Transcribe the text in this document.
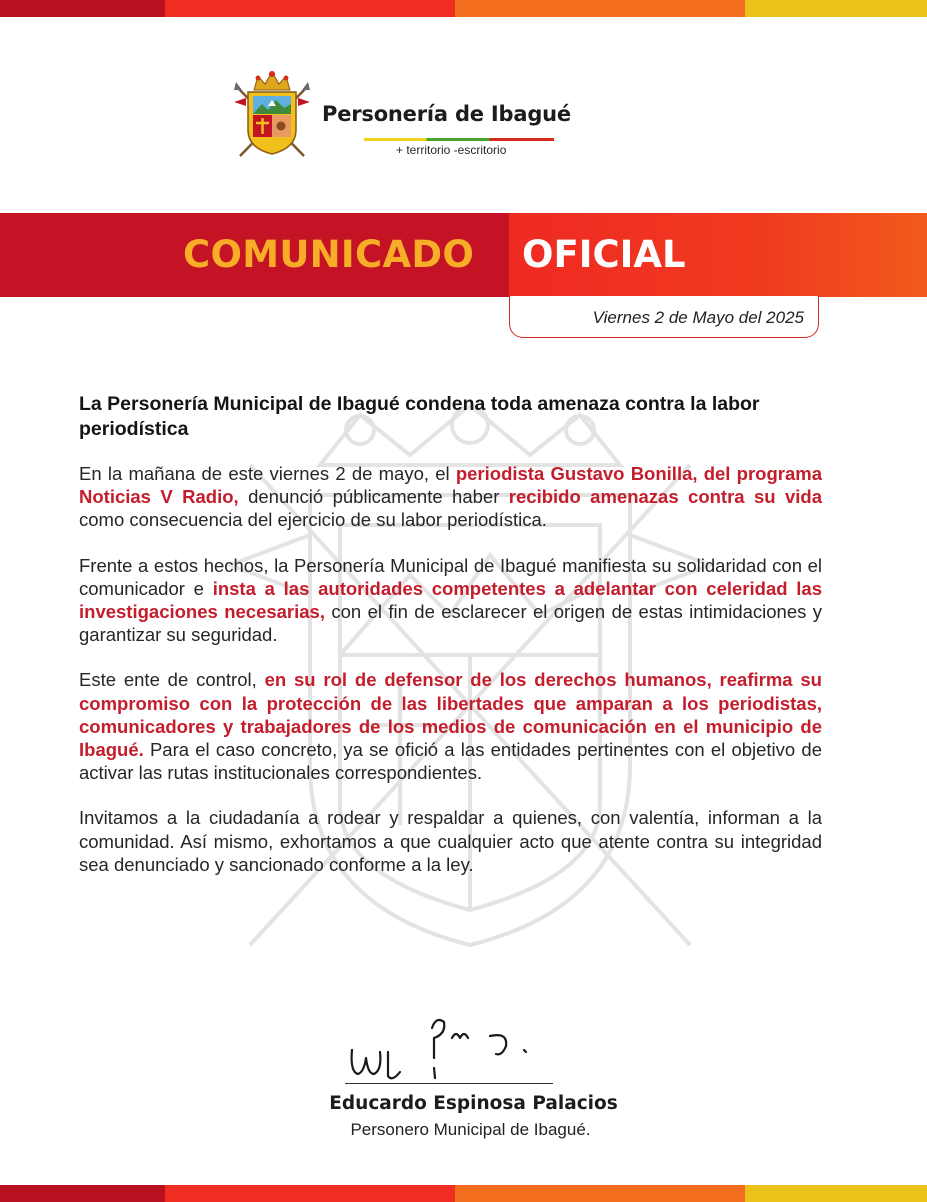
Personería de Ibagué
+ territorio -escritorio
COMUNICADO OFICIAL
Viernes 2 de Mayo del 2025

La Personería Municipal de Ibagué condena toda amenaza contra la labor periodística

En la mañana de este viernes 2 de mayo, el periodista Gustavo Bonilla, del programa Noticias V Radio, denunció públicamente haber recibido amenazas contra su vida como consecuencia del ejercicio de su labor periodística.

Frente a estos hechos, la Personería Municipal de Ibagué manifiesta su solidaridad con el comunicador e insta a las autoridades competentes a adelantar con celeridad las investigaciones necesarias, con el fin de esclarecer el origen de estas intimidaciones y garantizar su seguridad.

Este ente de control, en su rol de defensor de los derechos humanos, reafirma su compromiso con la protección de las libertades que amparan a los periodistas, comunicadores y trabajadores de los medios de comunicación en el municipio de Ibagué. Para el caso concreto, ya se ofició a las entidades pertinentes con el objetivo de activar las rutas institucionales correspondientes.

Invitamos a la ciudadanía a rodear y respaldar a quienes, con valentía, informan a la comunidad. Así mismo, exhortamos a que cualquier acto que atente contra su integridad sea denunciado y sancionado conforme a la ley.

Educardo Espinosa Palacios
Personero Municipal de Ibagué.
